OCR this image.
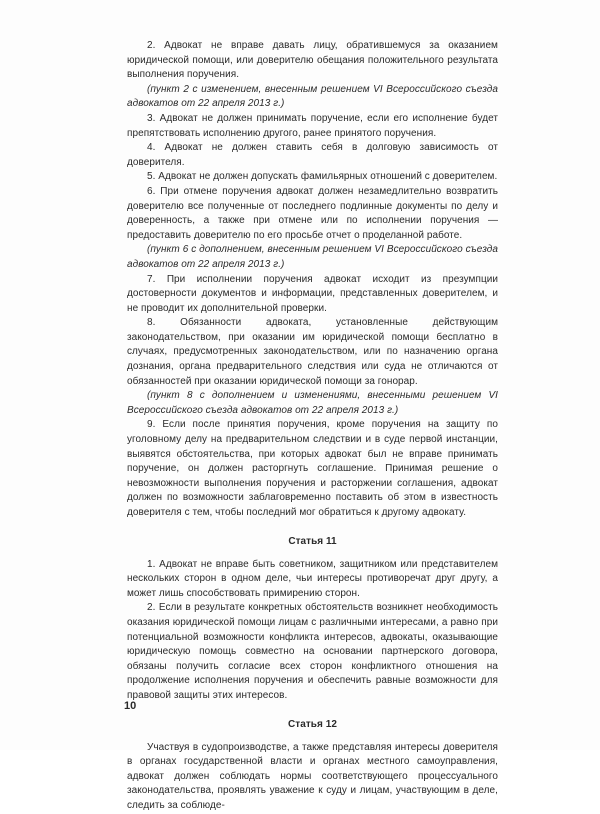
2. Адвокат не вправе давать лицу, обратившемуся за оказанием юридической помощи, или доверителю обещания положительного результата выполнения поручения.

(пункт 2 с изменением, внесенным решением VI Всероссийского съезда адвокатов от 22 апреля 2013 г.)

3. Адвокат не должен принимать поручение, если его исполнение будет препятствовать исполнению другого, ранее принятого поручения.

4. Адвокат не должен ставить себя в долговую зависимость от доверителя.

5. Адвокат не должен допускать фамильярных отношений с доверителем.

6. При отмене поручения адвокат должен незамедлительно возвратить доверителю все полученные от последнего подлинные документы по делу и доверенность, а также при отмене или по исполнении поручения — предоставить доверителю по его просьбе отчет о проделанной работе.

(пункт 6 с дополнением, внесенным решением VI Всероссийского съезда адвокатов от 22 апреля 2013 г.)

7. При исполнении поручения адвокат исходит из презумпции достоверности документов и информации, представленных доверителем, и не проводит их дополнительной проверки.

8. Обязанности адвоката, установленные действующим законодательством, при оказании им юридической помощи бесплатно в случаях, предусмотренных законодательством, или по назначению органа дознания, органа предварительного следствия или суда не отличаются от обязанностей при оказании юридической помощи за гонорар.

(пункт 8 с дополнением и изменениями, внесенными решением VI Всероссийского съезда адвокатов от 22 апреля 2013 г.)

9. Если после принятия поручения, кроме поручения на защиту по уголовному делу на предварительном следствии и в суде первой инстанции, выявятся обстоятельства, при которых адвокат был не вправе принимать поручение, он должен расторгнуть соглашение. Принимая решение о невозможности выполнения поручения и расторжении соглашения, адвокат должен по возможности заблаговременно поставить об этом в известность доверителя с тем, чтобы последний мог обратиться к другому адвокату.

Статья 11

1. Адвокат не вправе быть советником, защитником или представителем нескольких сторон в одном деле, чьи интересы противоречат друг другу, а может лишь способствовать примирению сторон.

2. Если в результате конкретных обстоятельств возникнет необходимость оказания юридической помощи лицам с различными интересами, а равно при потенциальной возможности конфликта интересов, адвокаты, оказывающие юридическую помощь совместно на основании партнерского договора, обязаны получить согласие всех сторон конфликтного отношения на продолжение исполнения поручения и обеспечить равные возможности для правовой защиты этих интересов.

Статья 12

Участвуя в судопроизводстве, а также представляя интересы доверителя в органах государственной власти и органах местного самоуправления, адвокат должен соблюдать нормы соответствующего процессуального законодательства, проявлять уважение к суду и лицам, участвующим в деле, следить за соблюде-

10
